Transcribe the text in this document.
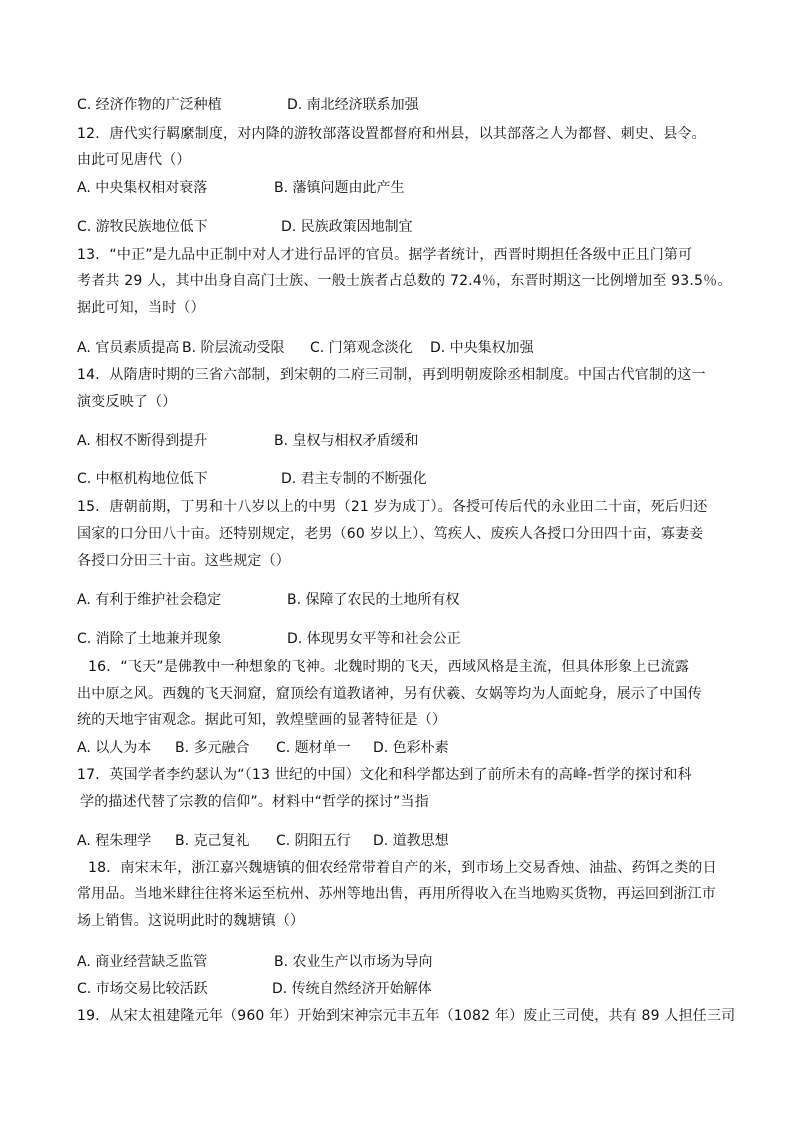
C. 经济作物的广泛种植	D. 南北经济联系加强
12．唐代实行羁縻制度，对内降的游牧部落设置都督府和州县，以其部落之人为都督、刺史、县令。
由此可见唐代（）
A. 中央集权相对衰落	B. 藩镇问题由此产生
C. 游牧民族地位低下	D. 民族政策因地制宜
13．“中正”是九品中正制中对人才进行品评的官员。据学者统计，西晋时期担任各级中正且门第可
考者共 29 人，其中出身自高门士族、一般士族者占总数的 72.4％，东晋时期这一比例增加至 93.5％。
据此可知，当时（）
A. 官员素质提高 B. 阶层流动受限 C. 门第观念淡化 D. 中央集权加强
14．从隋唐时期的三省六部制，到宋朝的二府三司制，再到明朝废除丞相制度。中国古代官制的这一
演变反映了（）
A. 相权不断得到提升	B. 皇权与相权矛盾缓和
C. 中枢机构地位低下	D. 君主专制的不断强化
15．唐朝前期，丁男和十八岁以上的中男（21 岁为成丁）。各授可传后代的永业田二十亩，死后归还
国家的口分田八十亩。还特别规定，老男（60 岁以上）、笃疾人、废疾人各授口分田四十亩，寡妻妾
各授口分田三十亩。这些规定（）
A. 有利于维护社会稳定	B. 保障了农民的土地所有权
C. 消除了土地兼并现象	D. 体现男女平等和社会公正
16．“飞天”是佛教中一种想象的飞神。北魏时期的飞天，西域风格是主流，但具体形象上已流露
出中原之风。西魏的飞天洞窟，窟顶绘有道教诸神，另有伏羲、女娲等均为人面蛇身，展示了中国传
统的天地宇宙观念。据此可知，敦煌壁画的显著特征是（）
A. 以人为本 B. 多元融合 C. 题材单一 D. 色彩朴素
17．英国学者李约瑟认为“（13 世纪的中国）文化和科学都达到了前所未有的高峰-哲学的探讨和科
学的描述代替了宗教的信仰”。材料中“哲学的探讨”当指
A. 程朱理学 B. 克己复礼 C. 阴阳五行 D. 道教思想
18．南宋末年，浙江嘉兴魏塘镇的佃农经常带着自产的米，到市场上交易香烛、油盐、药饵之类的日
常用品。当地米肆往往将米运至杭州、苏州等地出售，再用所得收入在当地购买货物，再运回到浙江市
场上销售。这说明此时的魏塘镇（）
A. 商业经营缺乏监管	B. 农业生产以市场为导向
C. 市场交易比较活跃	D. 传统自然经济开始解体
19．从宋太祖建隆元年（960 年）开始到宋神宗元丰五年（1082 年）废止三司使，共有 89 人担任三司
